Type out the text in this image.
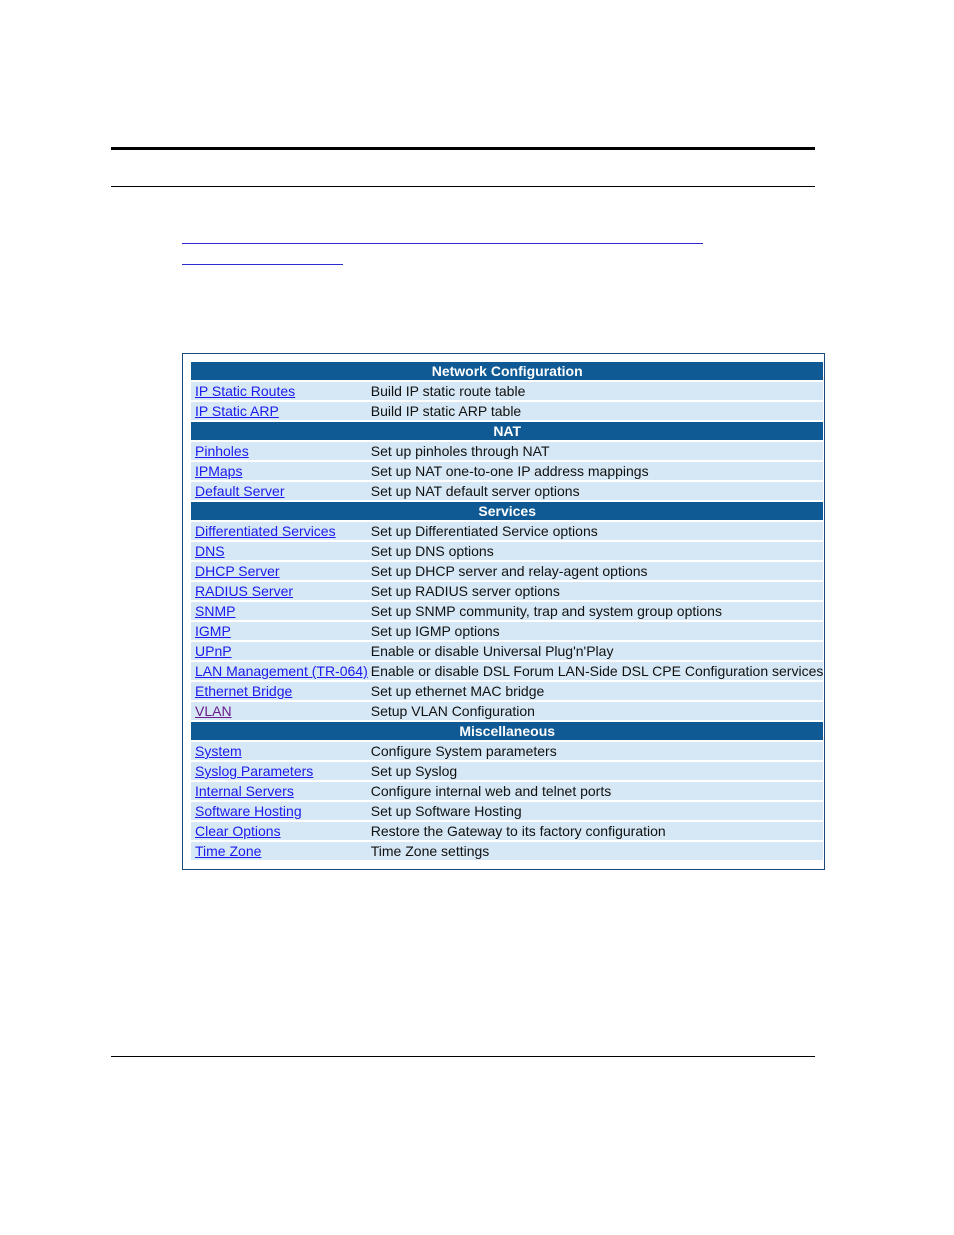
Network Configuration	
IP Static Routes	Build IP static route table
IP Static ARP	Build IP static ARP table
NAT	
Pinholes	Set up pinholes through NAT
IPMaps	Set up NAT one-to-one IP address mappings
Default Server	Set up NAT default server options
Services	
Differentiated Services	Set up Differentiated Service options
DNS	Set up DNS options
DHCP Server	Set up DHCP server and relay-agent options
RADIUS Server	Set up RADIUS server options
SNMP	Set up SNMP community, trap and system group options
IGMP	Set up IGMP options
UPnP	Enable or disable Universal Plug'n'Play
LAN Management (TR-064)	Enable or disable DSL Forum LAN-Side DSL CPE Configuration services
Ethernet Bridge	Set up ethernet MAC bridge
VLAN	Setup VLAN Configuration
Miscellaneous	
System	Configure System parameters
Syslog Parameters	Set up Syslog
Internal Servers	Configure internal web and telnet ports
Software Hosting	Set up Software Hosting
Clear Options	Restore the Gateway to its factory configuration
Time Zone	Time Zone settings
